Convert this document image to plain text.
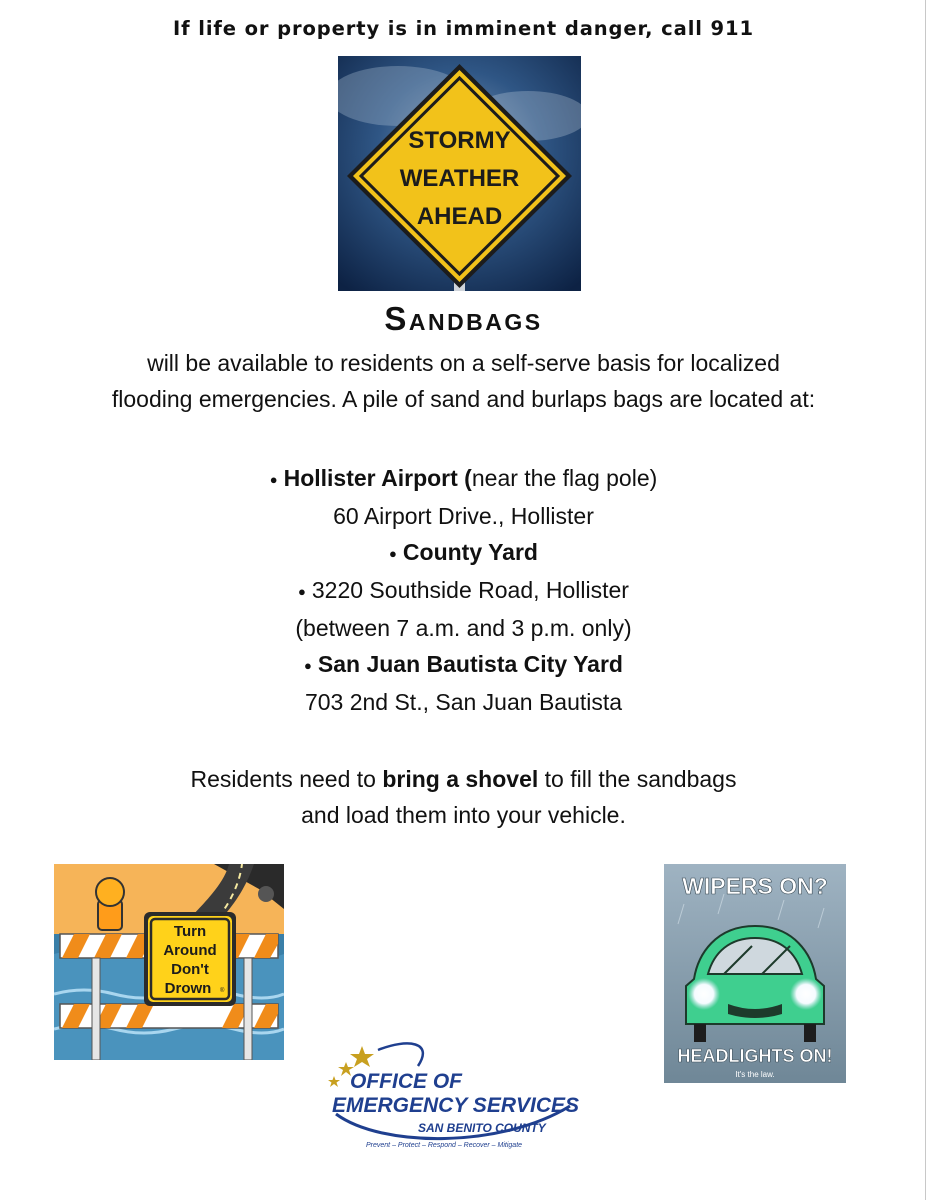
If life or property is in imminent danger, call 911
STORMY
WEATHER
AHEAD
Sandbags
will be available to residents on a self-serve basis for localized
flooding emergencies. A pile of sand and burlaps bags are located at:
● Hollister Airport (near the flag pole)
60 Airport Drive., Hollister
● County Yard
● 3220 Southside Road, Hollister
(between 7 a.m. and 3 p.m. only)
● San Juan Bautista City Yard
703 2nd St., San Juan Bautista
Residents need to bring a shovel to fill the sandbags
and load them into your vehicle.
Turn
Around
Don't
Drown ®
WIPERS ON?
HEADLIGHTS ON!
It's the law.
OFFICE OF
EMERGENCY SERVICES
SAN BENITO COUNTY
Prevent – Protect – Respond – Recover – Mitigate
